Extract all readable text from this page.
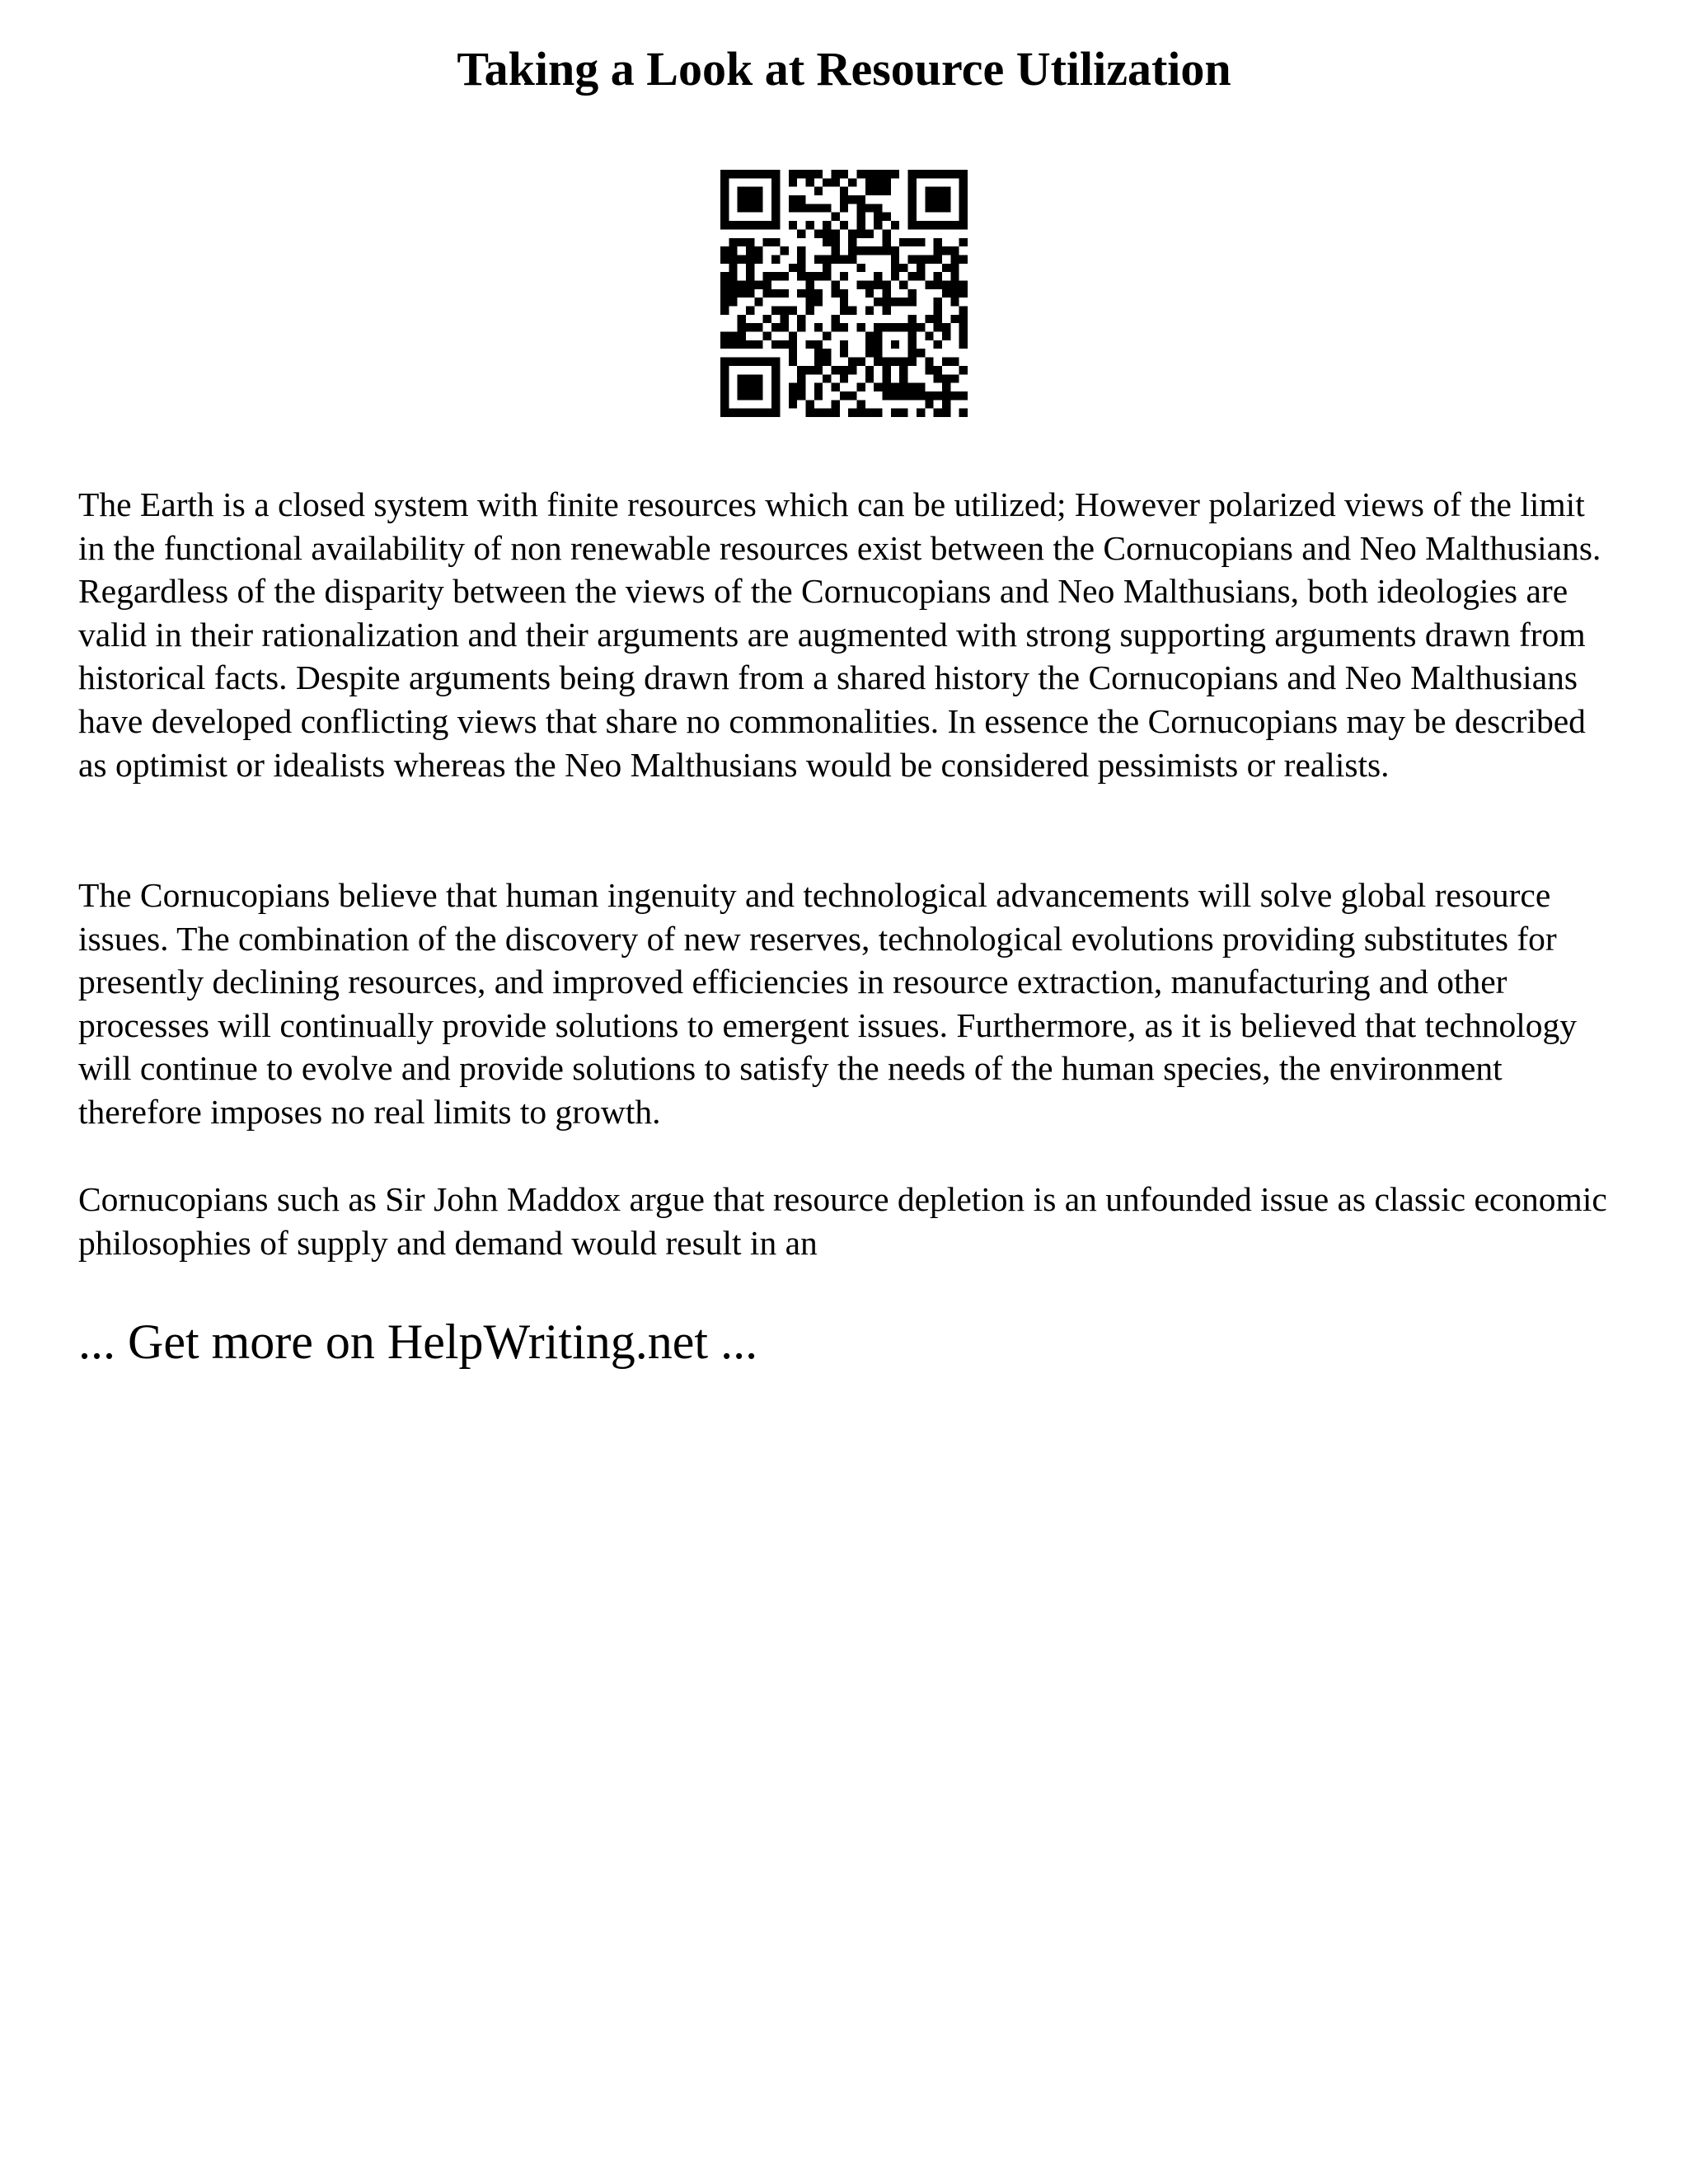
Taking a Look at Resource Utilization

The Earth is a closed system with finite resources which can be utilized; However polarized views of the limit in the functional availability of non renewable resources exist between the Cornucopians and Neo Malthusians. Regardless of the disparity between the views of the Cornucopians and Neo Malthusians, both ideologies are valid in their rationalization and their arguments are augmented with strong supporting arguments drawn from historical facts. Despite arguments being drawn from a shared history the Cornucopians and Neo Malthusians have developed conflicting views that share no commonalities. In essence the Cornucopians may be described as optimist or idealists whereas the Neo Malthusians would be considered pessimists or realists.

The Cornucopians believe that human ingenuity and technological advancements will solve global resource issues. The combination of the discovery of new reserves, technological evolutions providing substitutes for presently declining resources, and improved efficiencies in resource extraction, manufacturing and other processes will continually provide solutions to emergent issues. Furthermore, as it is believed that technology will continue to evolve and provide solutions to satisfy the needs of the human species, the environment therefore imposes no real limits to growth.

Cornucopians such as Sir John Maddox argue that resource depletion is an unfounded issue as classic economic philosophies of supply and demand would result in an

... Get more on HelpWriting.net ...
